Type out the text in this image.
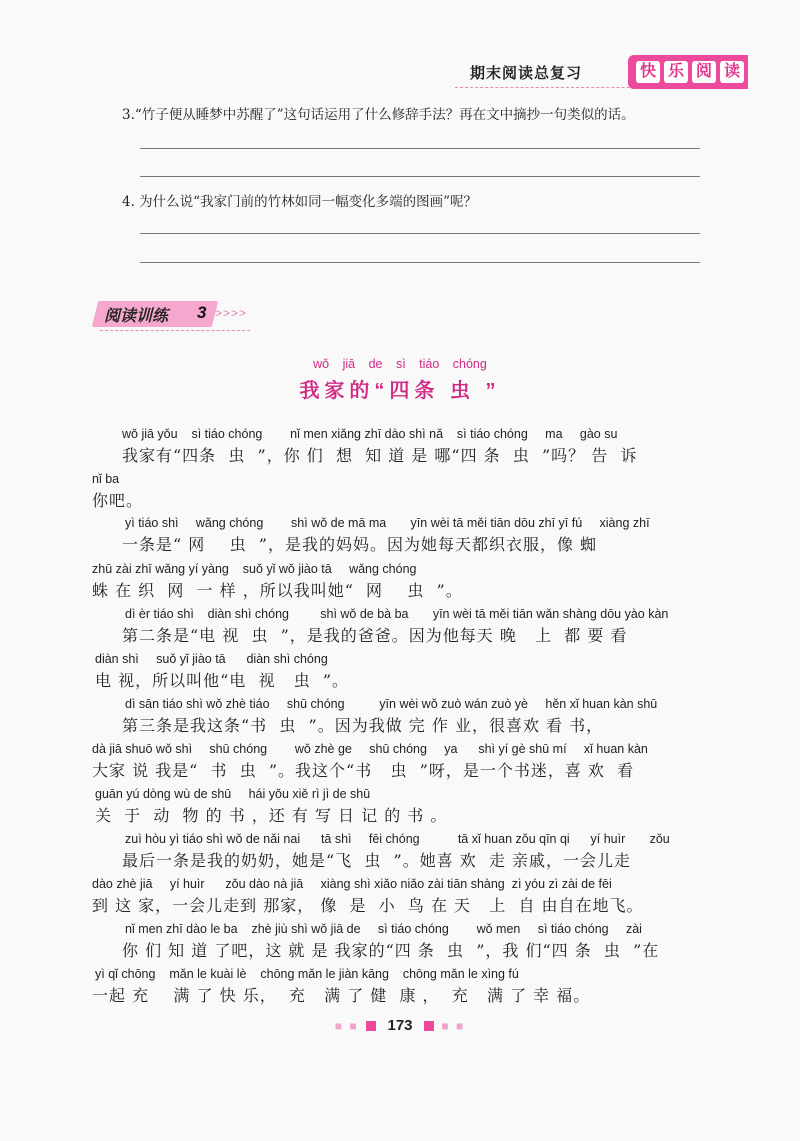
期末阅读总复习	快 乐 阅 读
3.“竹子便从睡梦中苏醒了”这句话运用了什么修辞手法？再在文中摘抄一句类似的话。
4. 为什么说“我家门前的竹林如同一幅变化多端的图画”呢？
阅读训练 3 >>>>
wǒ jiā de sì tiáo chóng
我家的“四条 虫 ”
wǒ jiā yǒu    sì tiáo chóng        nǐ men xiǎng zhī dào shì nǎ    sì tiáo chóng     ma     gào su
我家有“四条  虫  ”，你 们  想  知 道 是 哪“四 条  虫  ”吗？ 告  诉
nǐ ba
你吧。
yì tiáo shì     wǎng chóng        shì wǒ de mā ma       yīn wèi tā měi tiān dōu zhī yī fú     xiàng zhī
一条是“ 网    虫  ”，是我的妈妈。因为她每天都织衣服，像 蜘
zhū zài zhī wǎng yí yàng    suǒ yǐ wǒ jiào tā     wǎng chóng
蛛 在 织  网  一 样 ，所以我叫她“  网    虫  ”。
dì èr tiáo shì    diàn shì chóng         shì wǒ de bà ba       yīn wèi tā měi tiān wǎn shàng dōu yào kàn
第二条是“电 视  虫  ”，是我的爸爸。因为他每天 晚   上  都 要 看
diàn shì     suǒ yǐ jiào tā      diàn shì chóng
电 视，所以叫他“电  视   虫  ”。
dì sān tiáo shì wǒ zhè tiáo     shū chóng          yīn wèi wǒ zuò wán zuò yè     hěn xǐ huan kàn shū
第三条是我这条“书  虫  ”。因为我做 完 作 业，很喜欢 看 书，
dà jiā shuō wǒ shì     shū chóng        wǒ zhè ge     shū chóng     ya      shì yí gè shū mí     xǐ huan kàn
大家 说 我是“  书  虫  ”。我这个“书   虫  ”呀，是一个书迷，喜 欢  看
guān yú dòng wù de shū     hái yǒu xiě rì jì de shū
关  于  动  物 的 书 ，还 有 写 日 记 的 书 。
zuì hòu yì tiáo shì wǒ de nǎi nai      tā shì     fēi chóng           tā xǐ huan zǒu qīn qi      yí huìr       zǒu
最后一条是我的奶奶，她是“飞  虫  ”。她喜 欢  走 亲戚，一会儿走
dào zhè jiā     yí huìr      zǒu dào nà jiā     xiàng shì xiǎo niǎo zài tiān shàng  zì yóu zì zài de fēi
到 这 家，一会儿走到 那家， 像  是  小  鸟 在 天   上  自 由自在地飞。
nǐ men zhī dào le ba    zhè jiù shì wǒ jiā de     sì tiáo chóng        wǒ men     sì tiáo chóng     zài
你 们 知 道 了吧，这 就 是 我家的“四 条  虫  ”，我 们“四 条  虫  ”在
yì qǐ chōng    mǎn le kuài lè    chōng mǎn le jiàn kāng    chōng mǎn le xìng fú
一起 充    满 了 快 乐，  充   满 了 健  康 ，  充   满 了 幸 福。
■ ■ 173 ■ ■
